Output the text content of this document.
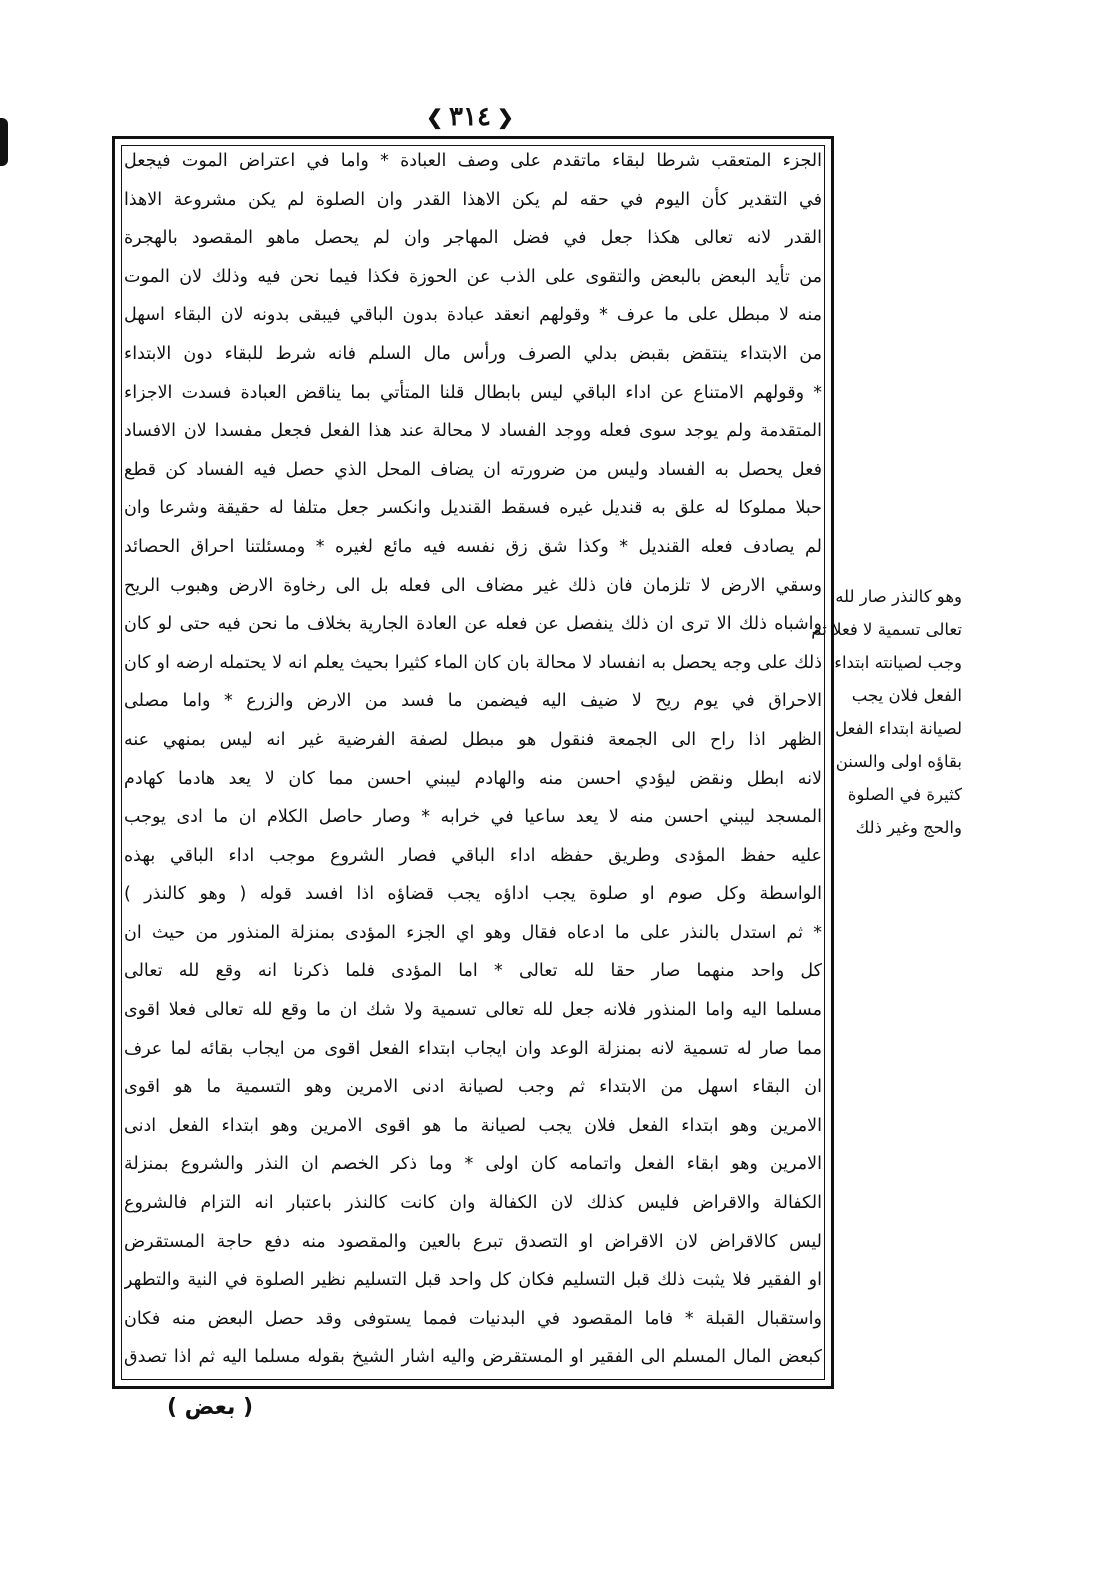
❮ ٣١٤ ❯
الجزء المتعقب شرطا لبقاء ماتقدم على وصف العبادة * واما في اعتراض الموت فيجعل
في التقدير كأن اليوم في حقه لم يكن الاهذا القدر وان الصلوة لم يكن مشروعة الاهذا
القدر لانه تعالى هكذا جعل في فضل المهاجر وان لم يحصل ماهو المقصود بالهجرة
من تأيد البعض بالبعض والتقوى على الذب عن الحوزة فكذا فيما نحن فيه وذلك لان الموت
منه لا مبطل على ما عرف * وقولهم انعقد عبادة بدون الباقي فيبقى بدونه لان البقاء اسهل
من الابتداء ينتقض بقبض بدلي الصرف ورأس مال السلم فانه شرط للبقاء دون الابتداء
* وقولهم الامتناع عن اداء الباقي ليس بابطال قلنا المتأتي بما يناقض العبادة فسدت الاجزاء
المتقدمة ولم يوجد سوى فعله ووجد الفساد لا محالة عند هذا الفعل فجعل مفسدا لان الافساد
فعل يحصل به الفساد وليس من ضرورته ان يضاف المحل الذي حصل فيه الفساد كن قطع
حبلا مملوكا له علق به قنديل غيره فسقط القنديل وانكسر جعل متلفا له حقيقة وشرعا وان
لم يصادف فعله القنديل * وكذا شق زق نفسه فيه مائع لغيره * ومسئلتنا احراق الحصائد
وسقي الارض لا تلزمان فان ذلك غير مضاف الى فعله بل الى رخاوة الارض وهبوب الريح
واشباه ذلك الا ترى ان ذلك ينفصل عن فعله عن العادة الجارية بخلاف ما نحن فيه حتى لو كان
ذلك على وجه يحصل به انفساد لا محالة بان كان الماء كثيرا بحيث يعلم انه لا يحتمله ارضه او كان
الاحراق في يوم ريح لا ضيف اليه فيضمن ما فسد من الارض والزرع * واما مصلى
الظهر اذا راح الى الجمعة فنقول هو مبطل لصفة الفرضية غير انه ليس بمنهي عنه
لانه ابطل ونقض ليؤدي احسن منه والهادم ليبني احسن مما كان لا يعد هادما كهادم
المسجد ليبني احسن منه لا يعد ساعيا في خرابه * وصار حاصل الكلام ان ما ادى يوجب
عليه حفظ المؤدى وطريق حفظه اداء الباقي فصار الشروع موجب اداء الباقي بهذه
الواسطة وكل صوم او صلوة يجب اداؤه يجب قضاؤه اذا افسد قوله ( وهو كالنذر )
* ثم استدل بالنذر على ما ادعاه فقال وهو اي الجزء المؤدى بمنزلة المنذور من حيث ان
كل واحد منهما صار حقا لله تعالى * اما المؤدى فلما ذكرنا انه وقع لله تعالى
مسلما اليه واما المنذور فلانه جعل لله تعالى تسمية ولا شك ان ما وقع لله تعالى فعلا اقوى
مما صار له تسمية لانه بمنزلة الوعد وان ايجاب ابتداء الفعل اقوى من ايجاب بقائه لما عرف
ان البقاء اسهل من الابتداء ثم وجب لصيانة ادنى الامرين وهو التسمية ما هو اقوى
الامرين وهو ابتداء الفعل فلان يجب لصيانة ما هو اقوى الامرين وهو ابتداء الفعل ادنى
الامرين وهو ابقاء الفعل واتمامه كان اولى * وما ذكر الخصم ان النذر والشروع بمنزلة
الكفالة والاقراض فليس كذلك لان الكفالة وان كانت كالنذر باعتبار انه التزام فالشروع
ليس كالاقراض لان الاقراض او التصدق تبرع بالعين والمقصود منه دفع حاجة المستقرض
او الفقير فلا يثبت ذلك قبل التسليم فكان كل واحد قبل التسليم نظير الصلوة في النية والتطهر
واستقبال القبلة * فاما المقصود في البدنيات فمما يستوفى وقد حصل البعض منه فكان
كبعض المال المسلم الى الفقير او المستقرض واليه اشار الشيخ بقوله مسلما اليه ثم اذا تصدق
وهو كالنذر صار لله
تعالى تسمية لا فعلا ثم
وجب لصيانته ابتداء
الفعل فلان يجب
لصيانة ابتداء الفعل
بقاؤه اولى والسنن
كثيرة في الصلوة
والحج وغير ذلك
( بعض )
